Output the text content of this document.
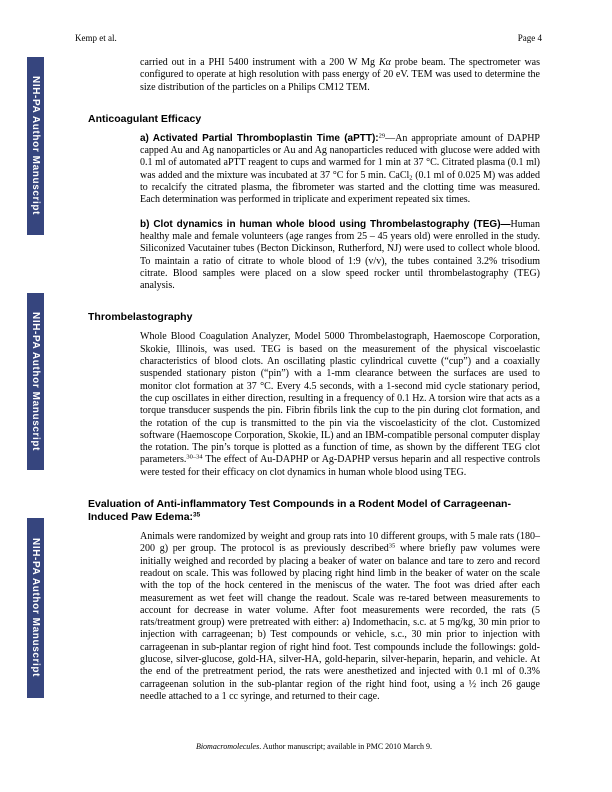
NIH-PA Author Manuscript
NIH-PA Author Manuscript
NIH-PA Author Manuscript
Kemp et al.	Page 4

carried out in a PHI 5400 instrument with a 200 W Mg Kα probe beam. The spectrometer was configured to operate at high resolution with pass energy of 20 eV. TEM was used to determine the size distribution of the particles on a Philips CM12 TEM.

Anticoagulant Efficacy

a) Activated Partial Thromboplastin Time (aPTT):$^{29}$—An appropriate amount of DAPHP capped Au and Ag nanoparticles or Au and Ag nanoparticles reduced with glucose were added with 0.1 ml of automated aPTT reagent to cups and warmed for 1 min at 37 °C. Citrated plasma (0.1 ml) was added and the mixture was incubated at 37 °C for 5 min. CaCl$_2$ (0.1 ml of 0.025 M) was added to recalcify the citrated plasma, the fibrometer was started and the clotting time was measured. Each determination was performed in triplicate and experiment repeated six times.

b) Clot dynamics in human whole blood using Thrombelastography (TEG)—Human healthy male and female volunteers (age ranges from 25 – 45 years old) were enrolled in the study. Siliconized Vacutainer tubes (Becton Dickinson, Rutherford, NJ) were used to collect whole blood. To maintain a ratio of citrate to whole blood of 1:9 (v/v), the tubes contained 3.2% trisodium citrate. Blood samples were placed on a slow speed rocker until thrombelastography (TEG) analysis.

Thrombelastography

Whole Blood Coagulation Analyzer, Model 5000 Thrombelastograph, Haemoscope Corporation, Skokie, Illinois, was used. TEG is based on the measurement of the physical viscoelastic characteristics of blood clots. An oscillating plastic cylindrical cuvette (“cup”) and a coaxially suspended stationary piston (“pin”) with a 1-mm clearance between the surfaces are used to monitor clot formation at 37 °C. Every 4.5 seconds, with a 1-second mid cycle stationary period, the cup oscillates in either direction, resulting in a frequency of 0.1 Hz. A torsion wire that acts as a torque transducer suspends the pin. Fibrin fibrils link the cup to the pin during clot formation, and the rotation of the cup is transmitted to the pin via the viscoelasticity of the clot. Customized software (Haemoscope Corporation, Skokie, IL) and an IBM-compatible personal computer display the rotation. The pin’s torque is plotted as a function of time, as shown by the different TEG clot parameters.$^{30-34}$ The effect of Au-DAPHP or Ag-DAPHP versus heparin and all respective controls were tested for their efficacy on clot dynamics in human whole blood using TEG.

Evaluation of Anti-inflammatory Test Compounds in a Rodent Model of Carrageenan-Induced Paw Edema:$^{35}$

Animals were randomized by weight and group rats into 10 different groups, with 5 male rats (180–200 g) per group. The protocol is as previously described$^{35}$ where briefly paw volumes were initially weighed and recorded by placing a beaker of water on balance and tare to zero and record readout on scale. This was followed by placing right hind limb in the beaker of water on the scale with the top of the hock centered in the meniscus of the water. The foot was dried after each measurement as wet feet will change the readout. Scale was re-tared between measurements to account for decrease in water volume. After foot measurements were recorded, the rats (5 rats/treatment group) were pretreated with either: a) Indomethacin, s.c. at 5 mg/kg, 30 min prior to injection with carrageenan; b) Test compounds or vehicle, s.c., 30 min prior to injection with carrageenan in sub-plantar region of right hind foot. Test compounds include the followings: gold-glucose, silver-glucose, gold-HA, silver-HA, gold-heparin, silver-heparin, heparin, and vehicle. At the end of the pretreatment period, the rats were anesthetized and injected with 0.1 ml of 0.3% carrageenan solution in the sub-plantar region of the right hind foot, using a ½ inch 26 gauge needle attached to a 1 cc syringe, and returned to their cage.

Biomacromolecules. Author manuscript; available in PMC 2010 March 9.
